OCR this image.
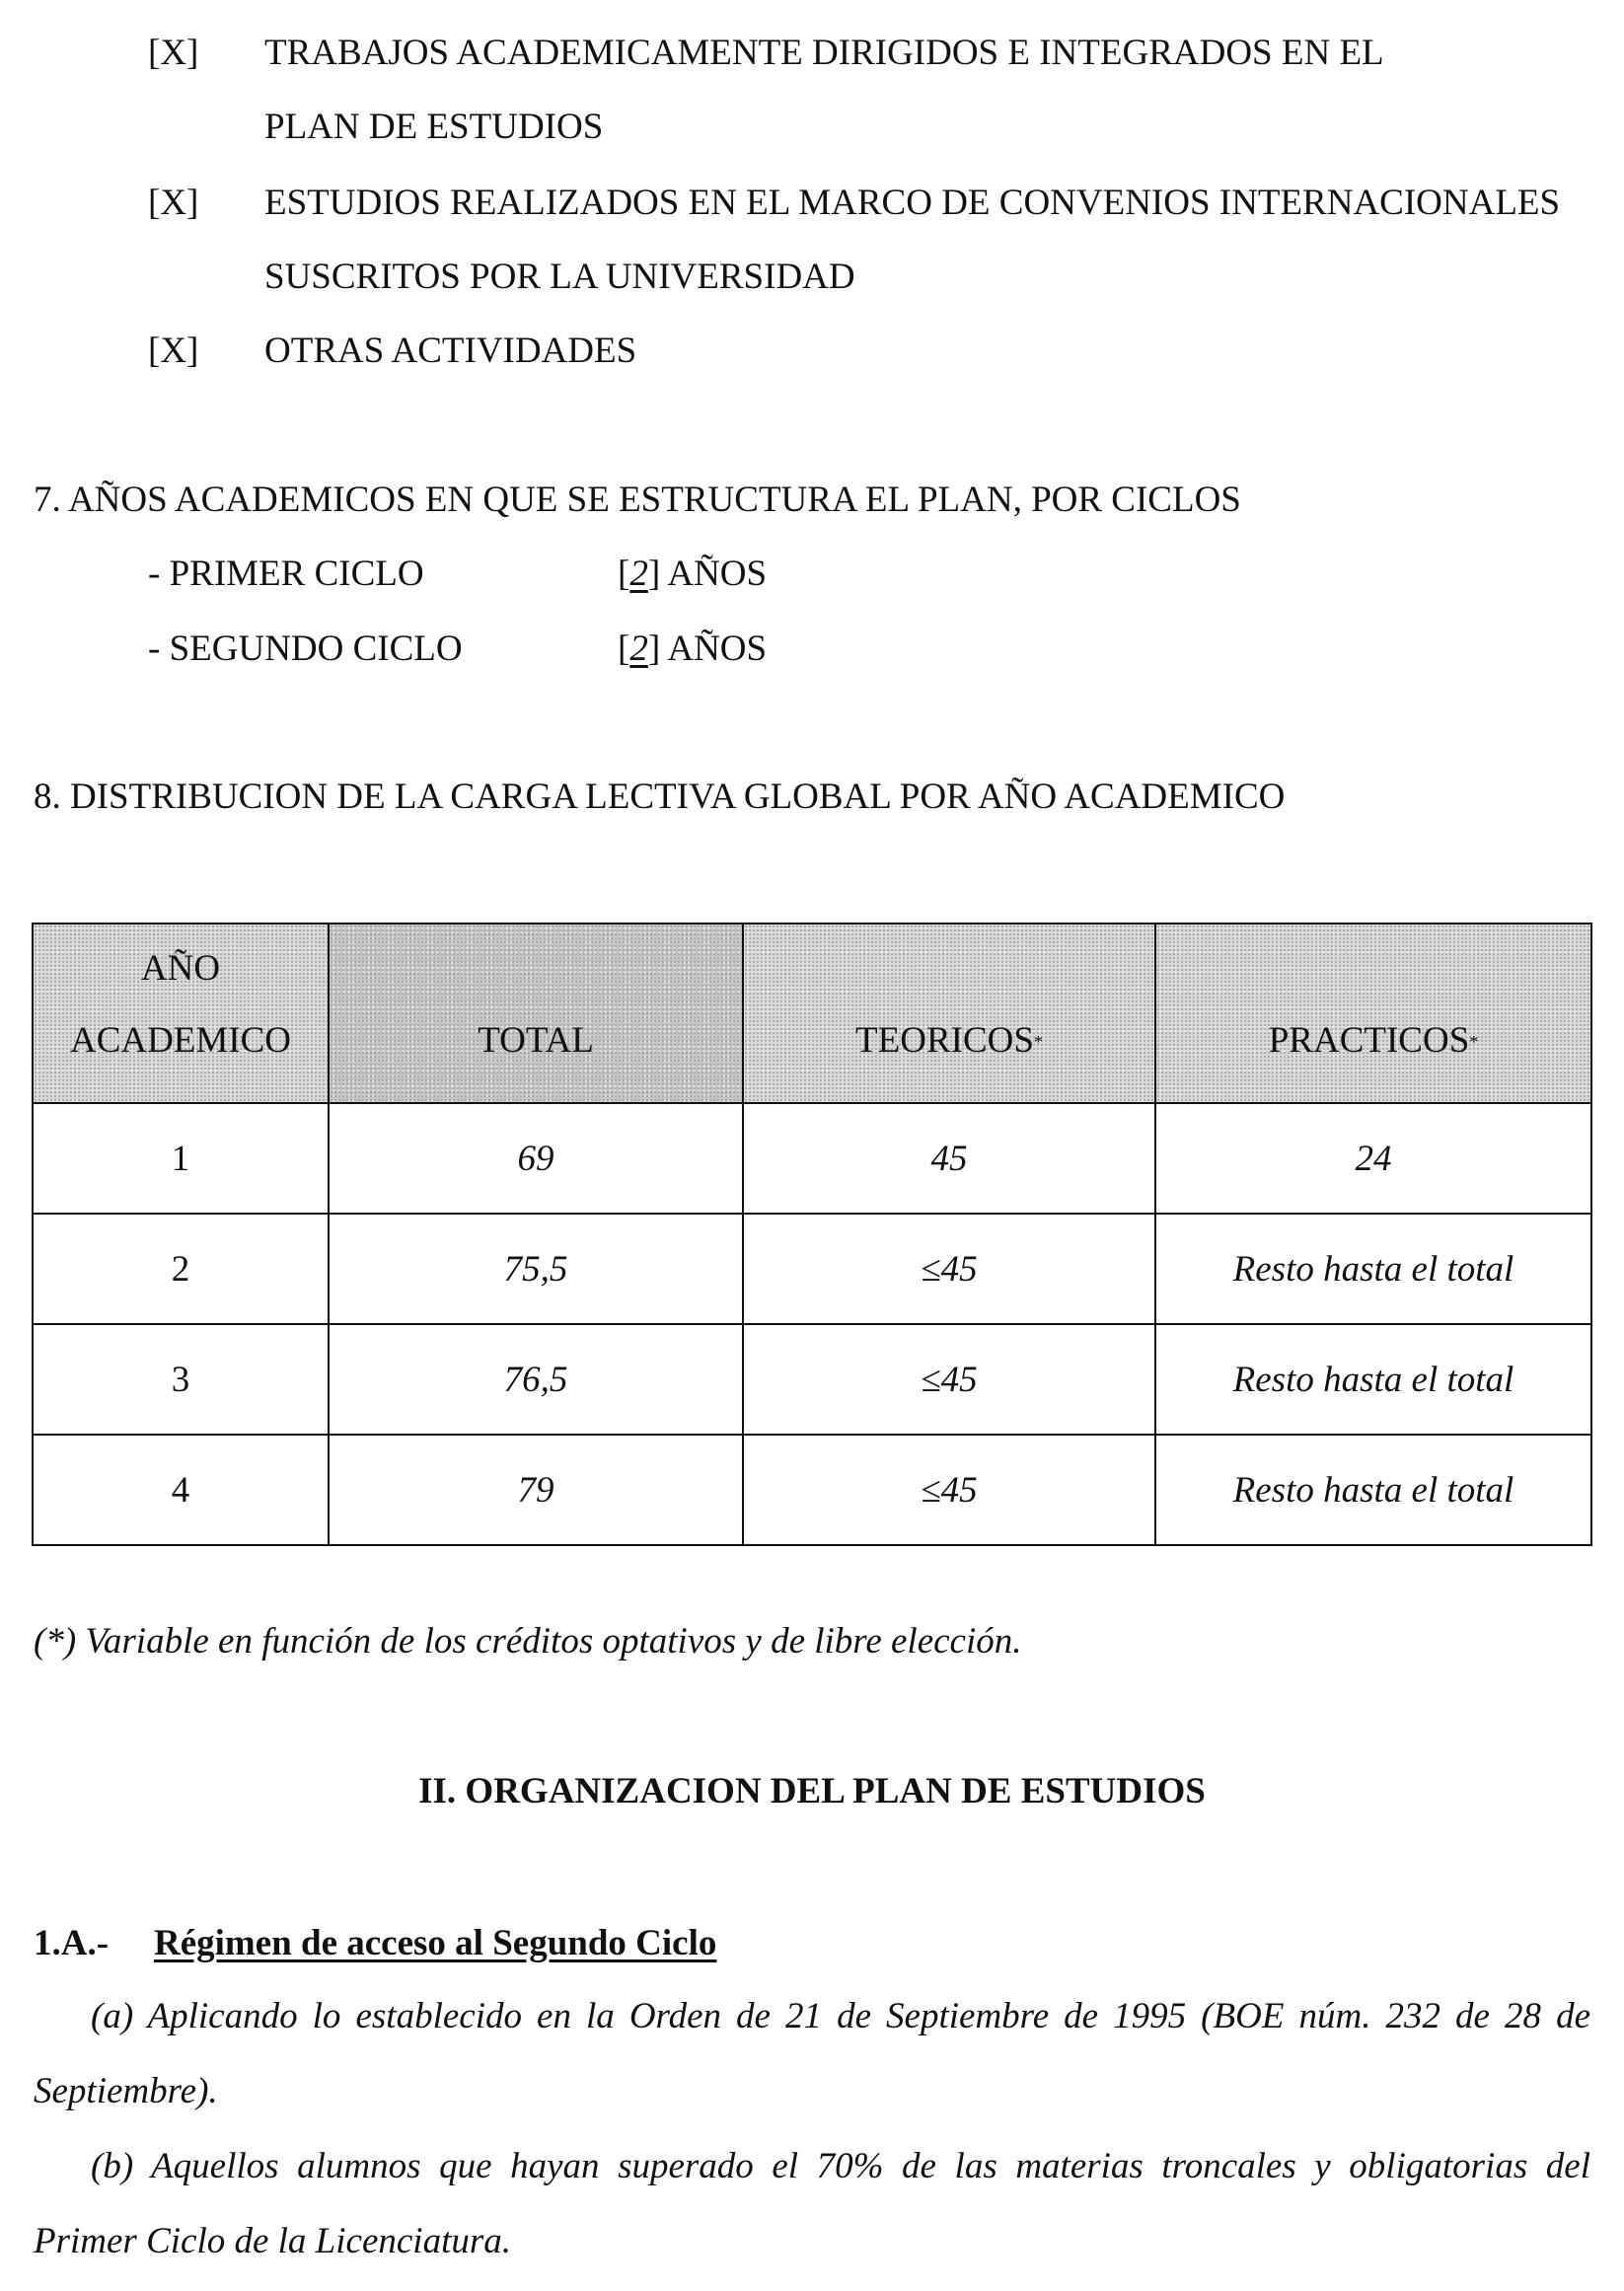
[X] TRABAJOS ACADEMICAMENTE DIRIGIDOS E INTEGRADOS EN EL
PLAN DE ESTUDIOS
[X] ESTUDIOS REALIZADOS EN EL MARCO DE CONVENIOS INTERNACIONALES
SUSCRITOS POR LA UNIVERSIDAD
[X] OTRAS ACTIVIDADES
7. AÑOS ACADEMICOS EN QUE SE ESTRUCTURA EL PLAN, POR CICLOS
- PRIMER CICLO	[2] AÑOS
- SEGUNDO CICLO	[2] AÑOS
8. DISTRIBUCION DE LA CARGA LECTIVA GLOBAL POR AÑO ACADEMICO
AÑO
ACADEMICO	TOTAL	TEORICOS*	PRACTICOS*

1	69	45	24
2	75,5	≤45	Resto hasta el total
3	76,5	≤45	Resto hasta el total
4	79	≤45	Resto hasta el total
(*) Variable en función de los créditos optativos y de libre elección.
II. ORGANIZACION DEL PLAN DE ESTUDIOS
1.A.- Régimen de acceso al Segundo Ciclo
(a) Aplicando lo establecido en la Orden de 21 de Septiembre de 1995 (BOE núm. 232 de 28 de
Septiembre).
(b) Aquellos alumnos que hayan superado el 70% de las materias troncales y obligatorias del
Primer Ciclo de la Licenciatura.
